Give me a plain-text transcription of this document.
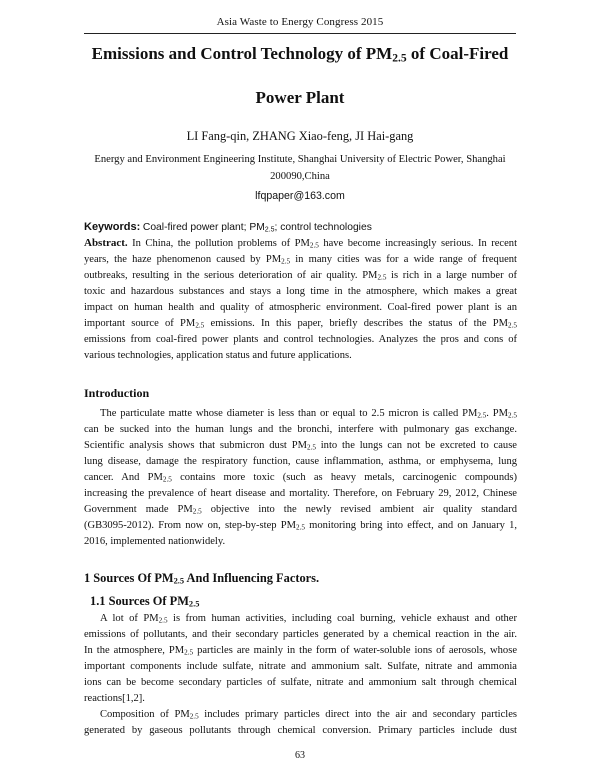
Asia Waste to Energy Congress 2015
Emissions and Control Technology of $PM_{2.5}$ of Coal-Fired
Power Plant
LI Fang-qin, ZHANG Xiao-feng, JI Hai-gang
Energy and Environment Engineering Institute, Shanghai University of Electric Power, Shanghai
200090,China
lfqpaper@163.com
Keywords: Coal-fired power plant; $PM_{2.5}$; control technologies
Abstract. In China, the pollution problems of $PM_{2.5}$ have become increasingly serious. In recent
years, the haze phenomenon caused by $PM_{2.5}$ in many cities was for a wide range of frequent
outbreaks, resulting in the serious deterioration of air quality. $PM_{2.5}$ is rich in a large number of
toxic and hazardous substances and stays a long time in the atmosphere, which makes a great
impact on human health and quality of atmospheric environment. Coal-fired power plant is an
important source of $PM_{2.5}$ emissions. In this paper, briefly describes the status of the $PM_{2.5}$
emissions from coal-fired power plants and control technologies. Analyzes the pros and cons of
various technologies, application status and future applications.
Introduction
The particulate matte whose diameter is less than or equal to 2.5 micron is called $PM_{2.5}$. $PM_{2.5}$
can be sucked into the human lungs and the bronchi, interfere with pulmonary gas exchange.
Scientific analysis shows that submicron dust $PM_{2.5}$ into the lungs can not be excreted to cause
lung disease, damage the respiratory function, cause inflammation, asthma, or emphysema, lung
cancer. And $PM_{2.5}$ contains more toxic (such as heavy metals, carcinogenic compounds)
increasing the prevalence of heart disease and mortality. Therefore, on February 29, 2012, Chinese
Government made $PM_{2.5}$ objective into the newly revised ambient air quality standard
(GB3095-2012). From now on, step-by-step $PM_{2.5}$ monitoring bring into effect, and on January 1,
2016, implemented nationwidely.
1 Sources Of $PM_{2.5}$ And Influencing Factors.
1.1 Sources Of $PM_{2.5}$
A lot of $PM_{2.5}$ is from human activities, including coal burning, vehicle exhaust and other
emissions of pollutants, and their secondary particles generated by a chemical reaction in the air.
In the atmosphere, $PM_{2.5}$ particles are mainly in the form of water-soluble ions of aerosols, whose
important components include sulfate, nitrate and ammonium salt. Sulfate, nitrate and ammonia
ions can be become secondary particles of sulfate, nitrate and ammonium salt through chemical
reactions[1,2].
Composition of $PM_{2.5}$ includes primary particles direct into the air and secondary particles
generated by gaseous pollutants through chemical conversion. Primary particles include dust
63
